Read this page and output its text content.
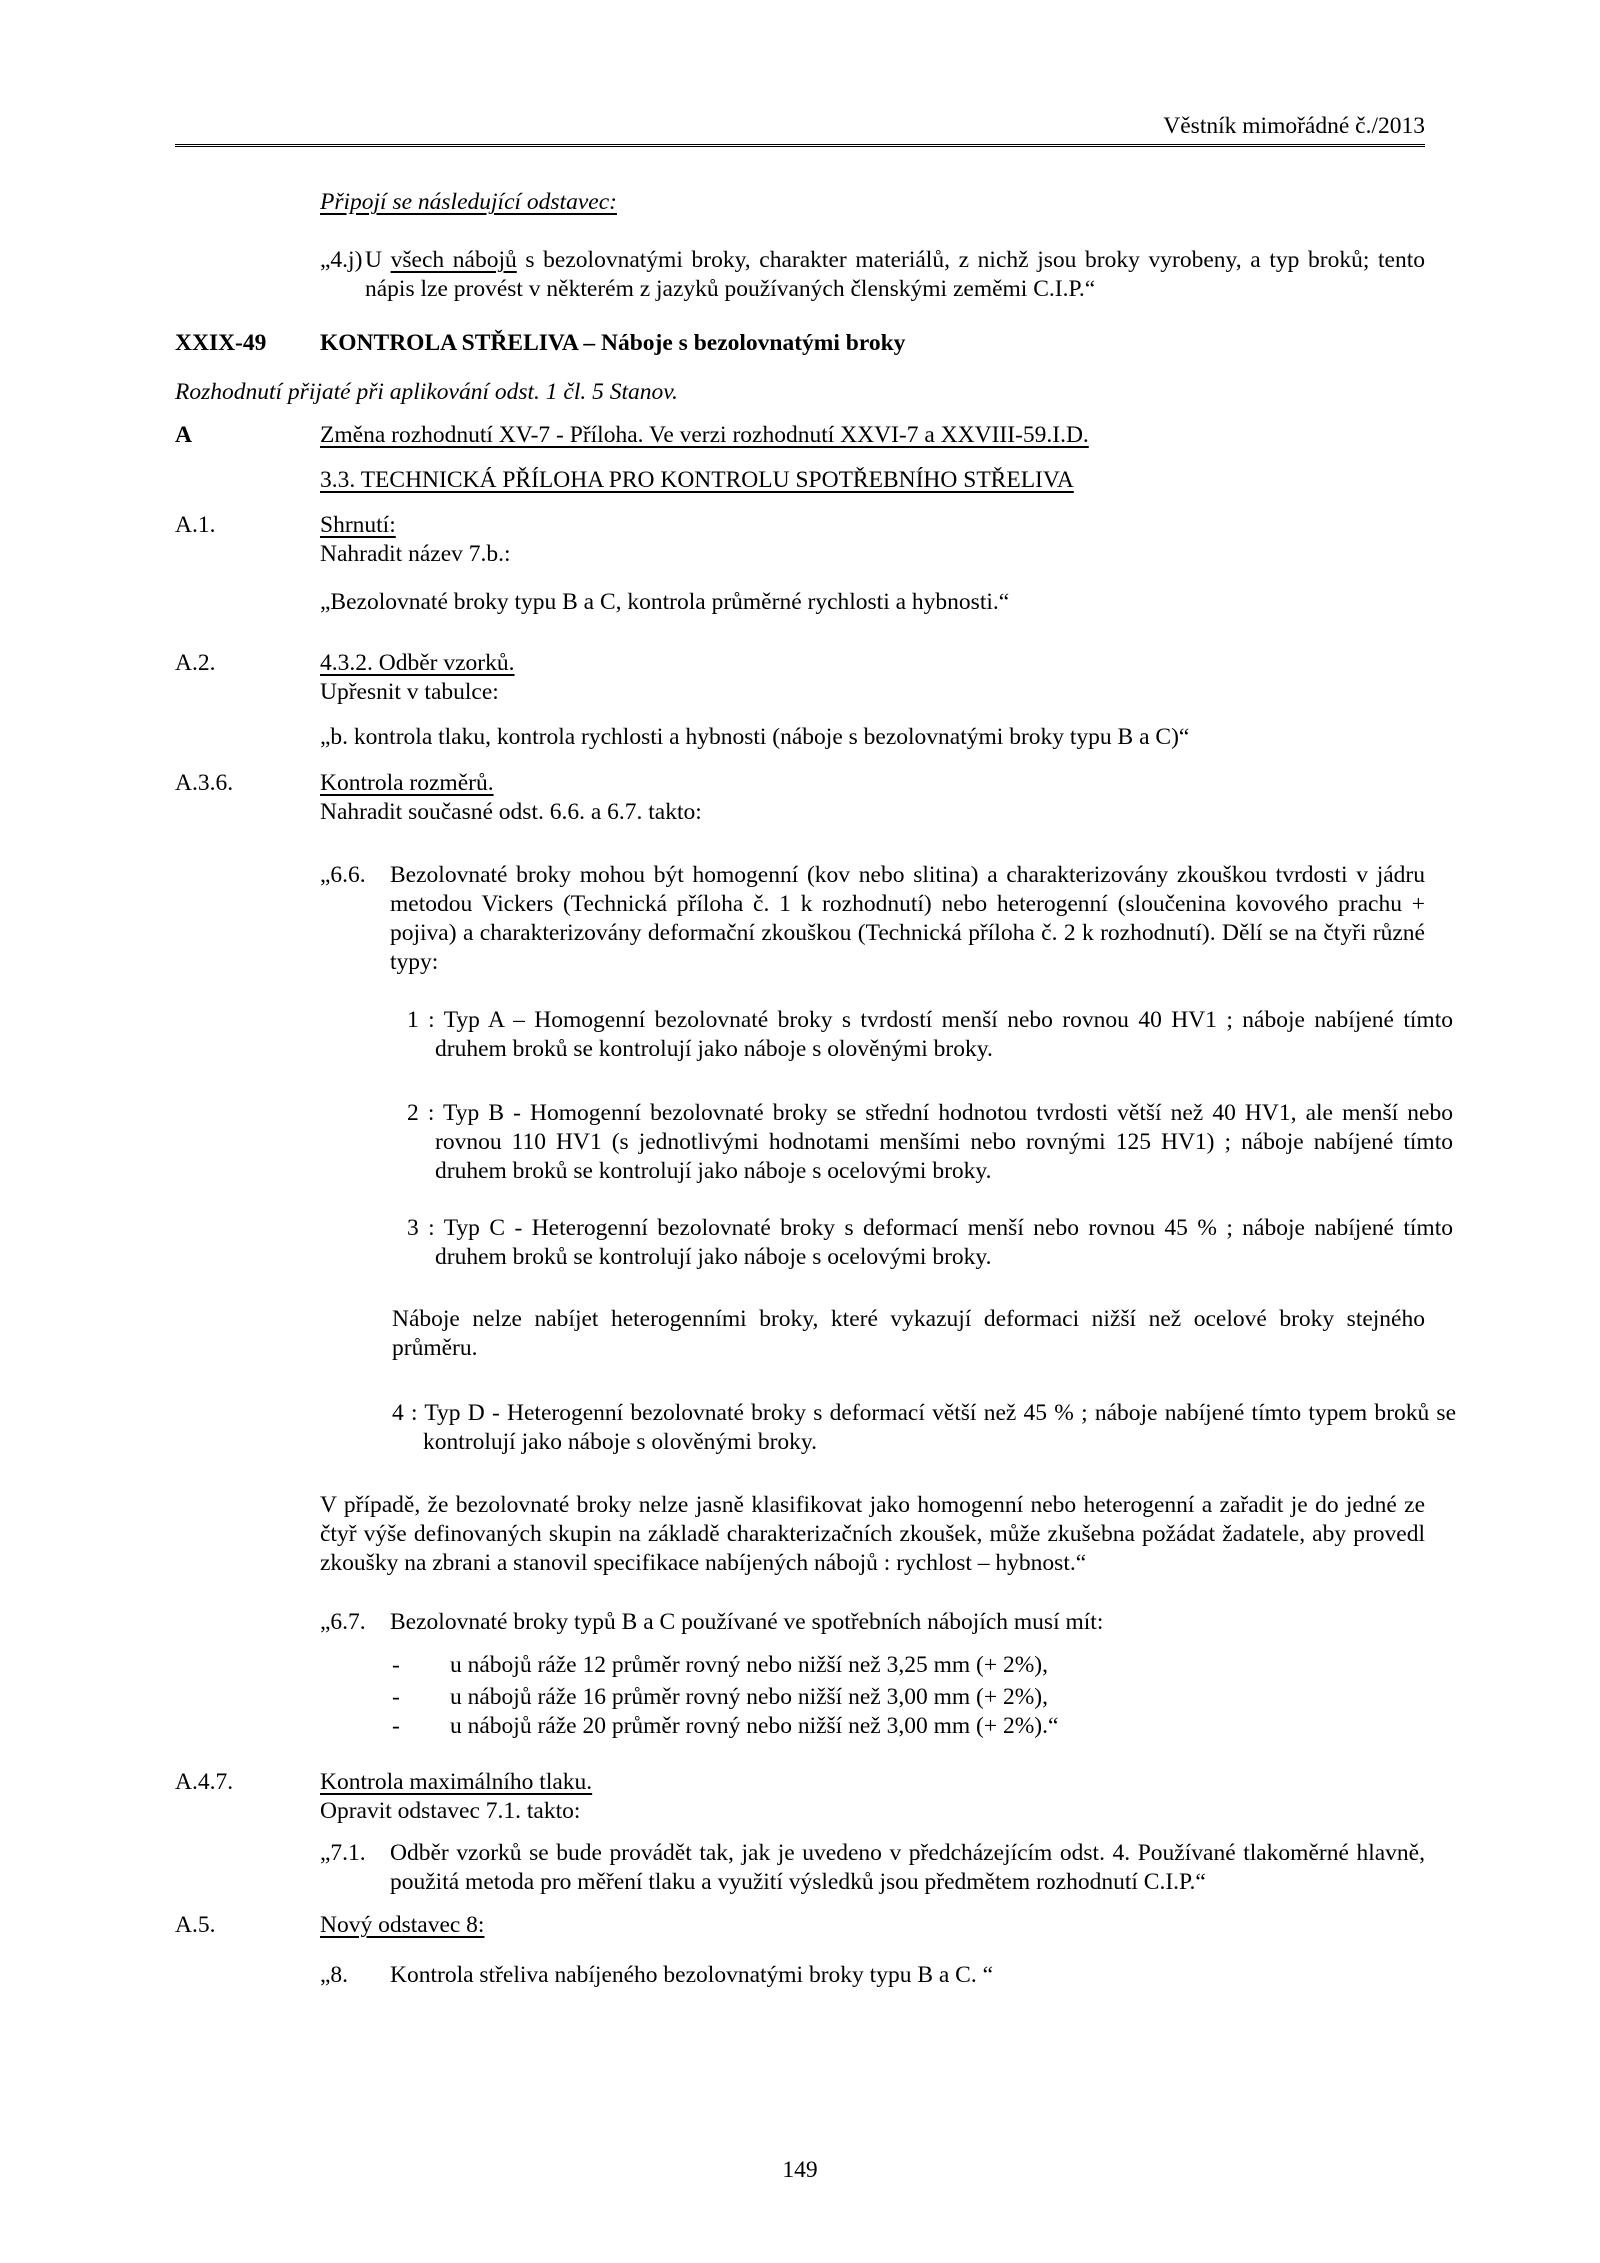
Věstník mimořádné č./2013
Připojí se následující odstavec:
„4.j) U všech nábojů s bezolovnatými broky, charakter materiálů, z nichž jsou broky vyrobeny, a typ broků; tento nápis lze provést v některém z jazyků používaných členskými zeměmi C.I.P.“
XXIX-49 KONTROLA STŘELIVA – Náboje s bezolovnatými broky
Rozhodnutí přijaté při aplikování odst. 1 čl. 5 Stanov.
A	Změna rozhodnutí XV-7 - Příloha. Ve verzi rozhodnutí XXVI-7 a XXVIII-59.I.D.
3.3. TECHNICKÁ PŘÍLOHA PRO KONTROLU SPOTŘEBNÍHO STŘELIVA
A.1.	Shrnutí:
Nahradit název 7.b.:
„Bezolovnaté broky typu B a C, kontrola průměrné rychlosti a hybnosti.“
A.2.	4.3.2. Odběr vzorků.
Upřesnit v tabulce:
„b. kontrola tlaku, kontrola rychlosti a hybnosti (náboje s bezolovnatými broky typu B a C)“
A.3.6.	Kontrola rozměrů.
Nahradit současné odst. 6.6. a 6.7. takto:
„6.6. Bezolovnaté broky mohou být homogenní (kov nebo slitina) a charakterizovány zkouškou tvrdosti v jádru metodou Vickers (Technická příloha č. 1 k rozhodnutí) nebo heterogenní (sloučenina kovového prachu + pojiva) a charakterizovány deformační zkouškou (Technická příloha č. 2 k rozhodnutí). Dělí se na čtyři různé typy:
1 : Typ A – Homogenní bezolovnaté broky s tvrdostí menší nebo rovnou 40 HV1 ; náboje nabíjené tímto druhem broků se kontrolují jako náboje s olověnými broky.
2 : Typ B - Homogenní bezolovnaté broky se střední hodnotou tvrdosti větší než 40 HV1, ale menší nebo rovnou 110 HV1 (s jednotlivými hodnotami menšími nebo rovnými 125 HV1) ; náboje nabíjené tímto druhem broků se kontrolují jako náboje s ocelovými broky.
3 : Typ C - Heterogenní bezolovnaté broky s deformací menší nebo rovnou 45 % ; náboje nabíjené tímto druhem broků se kontrolují jako náboje s ocelovými broky.
Náboje nelze nabíjet heterogenními broky, které vykazují deformaci nižší než ocelové broky stejného průměru.
4 : Typ D - Heterogenní bezolovnaté broky s deformací větší než 45 % ; náboje nabíjené tímto typem broků se kontrolují jako náboje s olověnými broky.
V případě, že bezolovnaté broky nelze jasně klasifikovat jako homogenní nebo heterogenní a zařadit je do jedné ze čtyř výše definovaných skupin na základě charakterizačních zkoušek, může zkušebna požádat žadatele, aby provedl zkoušky na zbrani a stanovil specifikace nabíjených nábojů : rychlost – hybnost.“
„6.7. Bezolovnaté broky typů B a C používané ve spotřebních nábojích musí mít:
- u nábojů ráže 12 průměr rovný nebo nižší než 3,25 mm (+ 2%),
- u nábojů ráže 16 průměr rovný nebo nižší než 3,00 mm (+ 2%),
- u nábojů ráže 20 průměr rovný nebo nižší než 3,00 mm (+ 2%).“
A.4.7.	Kontrola maximálního tlaku.
Opravit odstavec 7.1. takto:
„7.1. Odběr vzorků se bude provádět tak, jak je uvedeno v předcházejícím odst. 4. Používané tlakoměrné hlavně, použitá metoda pro měření tlaku a využití výsledků jsou předmětem rozhodnutí C.I.P.“
A.5.	Nový odstavec 8:
„8. Kontrola střeliva nabíjeného bezolovnatými broky typu B a C. “
149
